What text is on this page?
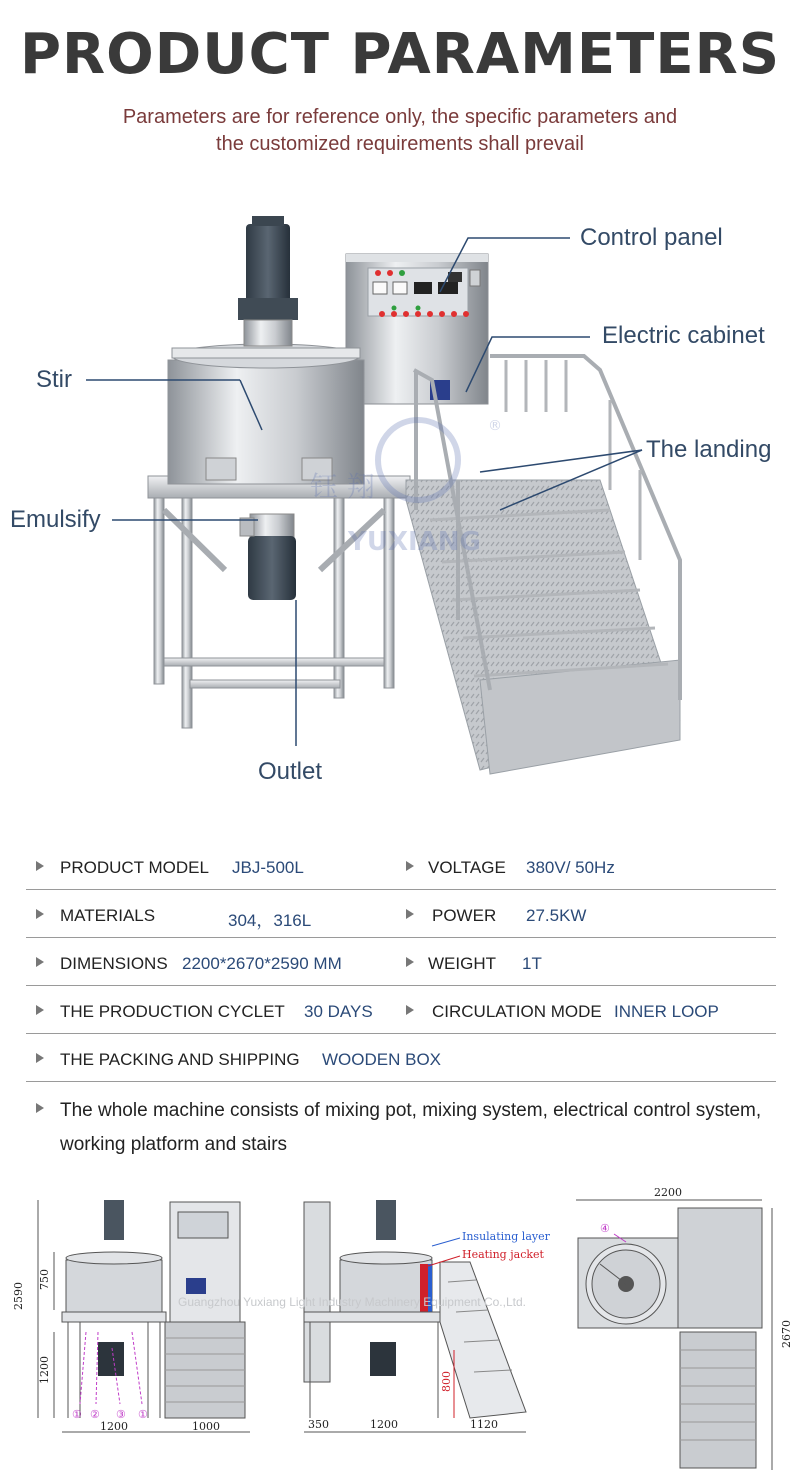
PRODUCT PARAMETERS
Parameters are for reference only, the specific parameters and
the customized requirements shall prevail
钰 翔
YUXIANG
®
Control panel
Electric cabinet
Stir
The landing
Emulsify
Outlet
PRODUCT MODEL JBJ-500L	VOLTAGE 380V/ 50Hz
MATERIALS	304，316L	POWER 27.5KW
DIMENSIONS 2200*2670*2590 MM	WEIGHT 1T
THE PRODUCTION CYCLET 30 DAYS	CIRCULATION MODE INNER LOOP
THE PACKING AND SHIPPING WOODEN BOX
The whole machine consists of mixing pot, mixing system, electrical control system, working platform and stairs
2590
750
1200
1200	1000
① ② ③ ①
Insulating layer
Heating jacket
800
350	1200	1120
2200
2670
④
Guangzhou Yuxiang Light Industry Machinery Equipment Co.,Ltd.
